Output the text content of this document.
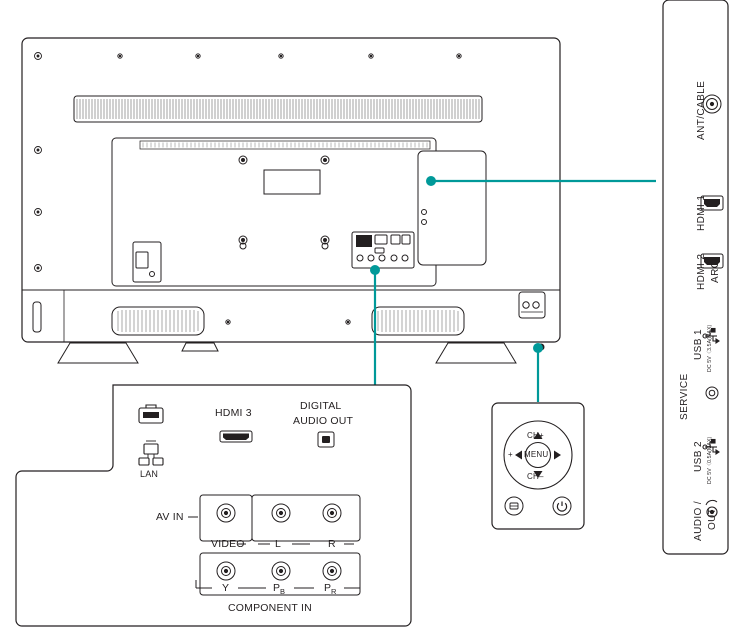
ANT/CABLE
HDMI 1
HDMI 2 ARC
USB 1 DC 5V〈3.5A(MAX)
SERVICE
USB 2 DC 5V〈0.5A(MAX)
AUDIO / OUT
LAN
HDMI 3
DIGITAL
AUDIO OUT
AV IN
VIDEO	L	R
Y	P B	P R
COMPONENT IN
CH+
CH–
MENU
+
